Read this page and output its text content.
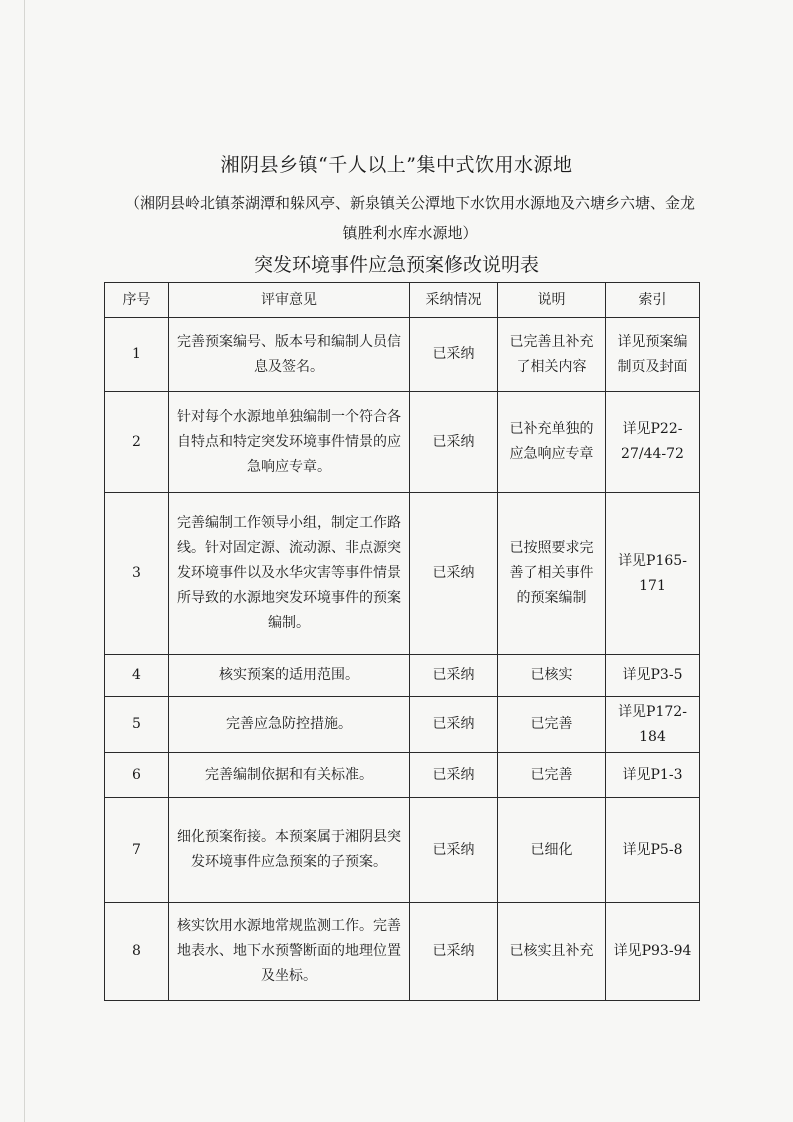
湘阴县乡镇“千人以上”集中式饮用水源地
（湘阴县岭北镇茶湖潭和躲风亭、新泉镇关公潭地下水饮用水源地及六塘乡六塘、金龙镇胜利水库水源地）
突发环境事件应急预案修改说明表
序号	评审意见	采纳情况	说明	索引
1	完善预案编号、版本号和编制人员信息及签名。	已采纳	已完善且补充了相关内容	详见预案编制页及封面
2	针对每个水源地单独编制一个符合各自特点和特定突发环境事件情景的应急响应专章。	已采纳	已补充单独的应急响应专章	详见P22-27/44-72
3	完善编制工作领导小组，制定工作路线。针对固定源、流动源、非点源突发环境事件以及水华灾害等事件情景所导致的水源地突发环境事件的预案编制。	已采纳	已按照要求完善了相关事件的预案编制	详见P165-171
4	核实预案的适用范围。	已采纳	已核实	详见P3-5
5	完善应急防控措施。	已采纳	已完善	详见P172-184
6	完善编制依据和有关标准。	已采纳	已完善	详见P1-3
7	细化预案衔接。本预案属于湘阴县突发环境事件应急预案的子预案。	已采纳	已细化	详见P5-8
8	核实饮用水源地常规监测工作。完善地表水、地下水预警断面的地理位置及坐标。	已采纳	已核实且补充	详见P93-94
